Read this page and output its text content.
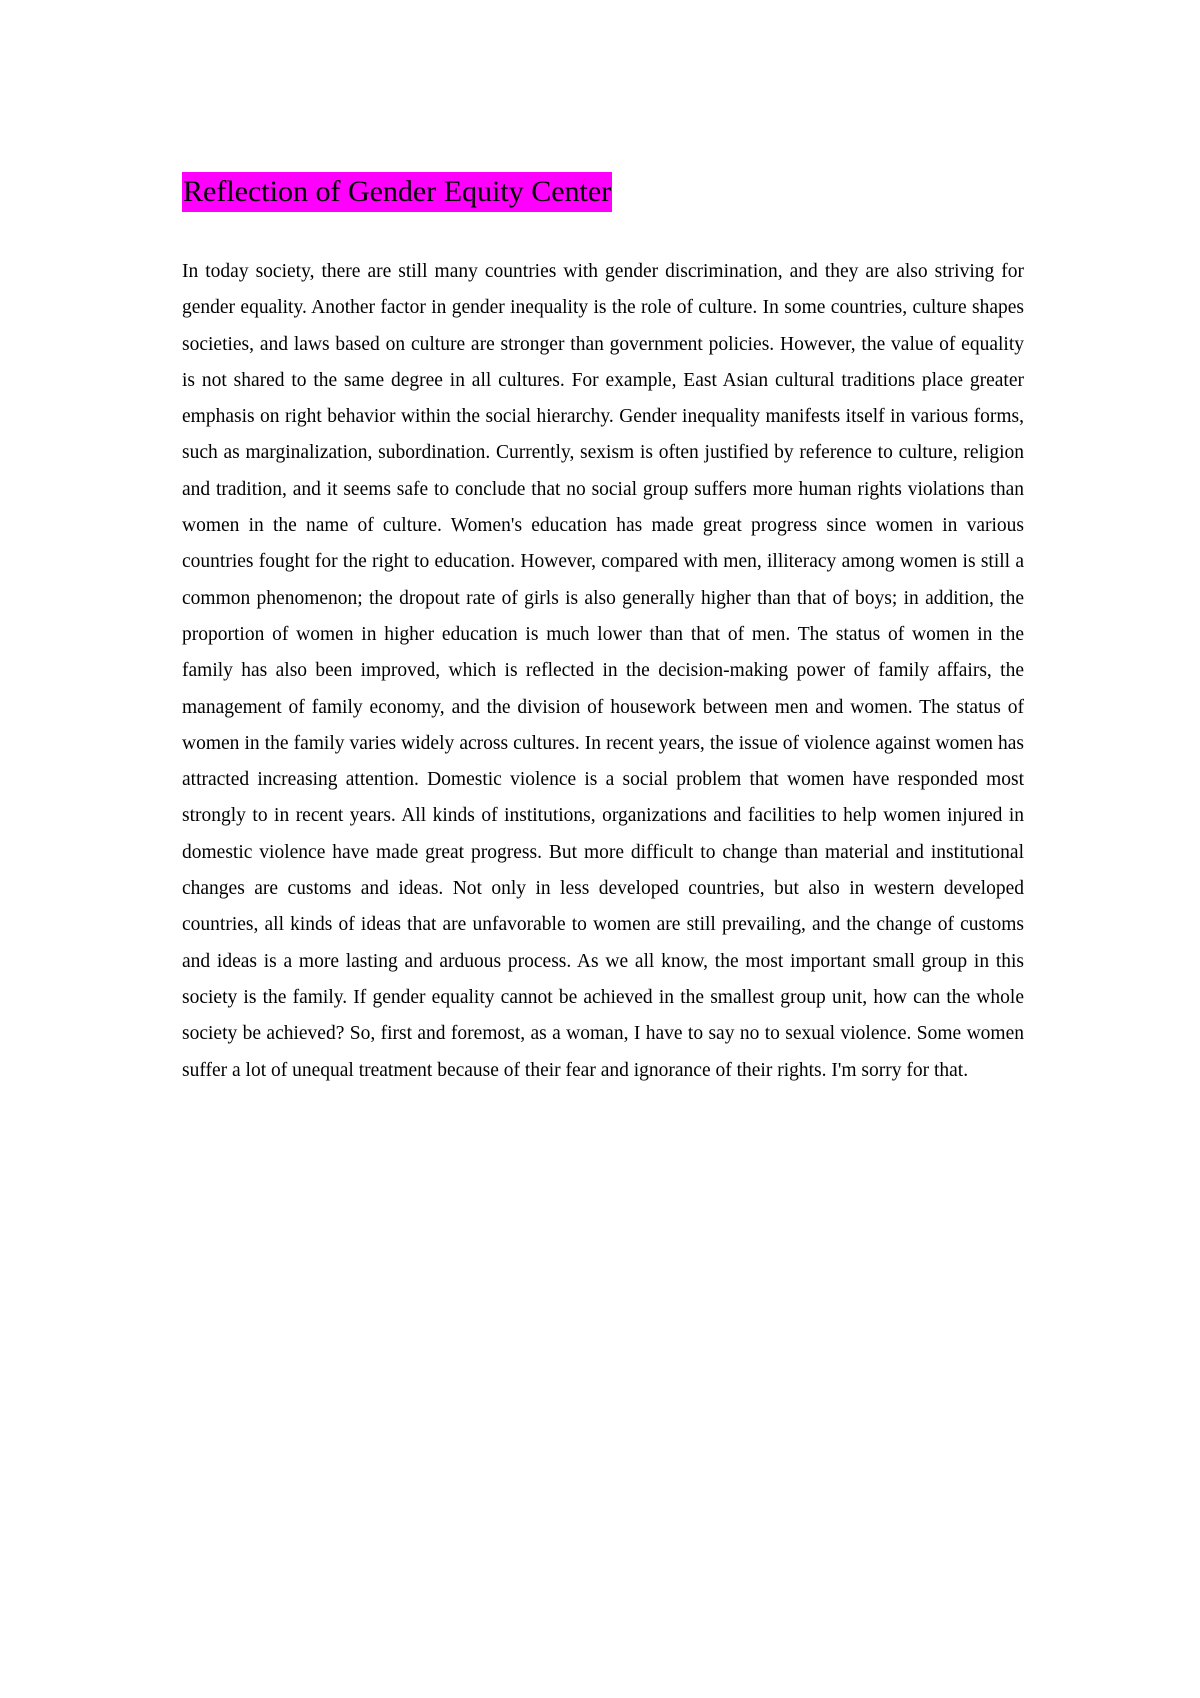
Reflection of Gender Equity Center

In today society, there are still many countries with gender discrimination, and they are also striving for gender equality. Another factor in gender inequality is the role of culture. In some countries, culture shapes societies, and laws based on culture are stronger than government policies. However, the value of equality is not shared to the same degree in all cultures. For example, East Asian cultural traditions place greater emphasis on right behavior within the social hierarchy. Gender inequality manifests itself in various forms, such as marginalization, subordination. Currently, sexism is often justified by reference to culture, religion and tradition, and it seems safe to conclude that no social group suffers more human rights violations than women in the name of culture. Women's education has made great progress since women in various countries fought for the right to education. However, compared with men, illiteracy among women is still a common phenomenon; the dropout rate of girls is also generally higher than that of boys; in addition, the proportion of women in higher education is much lower than that of men. The status of women in the family has also been improved, which is reflected in the decision-making power of family affairs, the management of family economy, and the division of housework between men and women. The status of women in the family varies widely across cultures. In recent years, the issue of violence against women has attracted increasing attention. Domestic violence is a social problem that women have responded most strongly to in recent years. All kinds of institutions, organizations and facilities to help women injured in domestic violence have made great progress. But more difficult to change than material and institutional changes are customs and ideas. Not only in less developed countries, but also in western developed countries, all kinds of ideas that are unfavorable to women are still prevailing, and the change of customs and ideas is a more lasting and arduous process. As we all know, the most important small group in this society is the family. If gender equality cannot be achieved in the smallest group unit, how can the whole society be achieved? So, first and foremost, as a woman, I have to say no to sexual violence. Some women suffer a lot of unequal treatment because of their fear and ignorance of their rights. I'm sorry for that.
